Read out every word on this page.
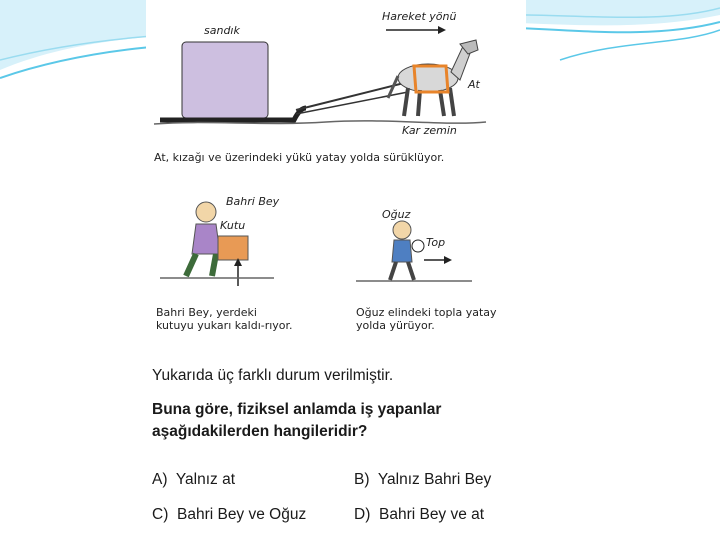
sandık
Hareket yönü
At
Kar zemin
At, kızağı ve üzerindeki yükü yatay yolda sürüklüyor.
Bahri Bey
Kutu
Bahri Bey, yerdeki kutuyu yukarı kaldı-rıyor.
Oğuz
Top
Oğuz elindeki topla yatay yolda yürüyor.
Yukarıda üç farklı durum verilmiştir.
Buna göre, fiziksel anlamda iş yapanlar aşağıdakilerden hangileridir?
A) Yalnız at	B) Yalnız Bahri Bey
C) Bahri Bey ve Oğuz	D) Bahri Bey ve at
